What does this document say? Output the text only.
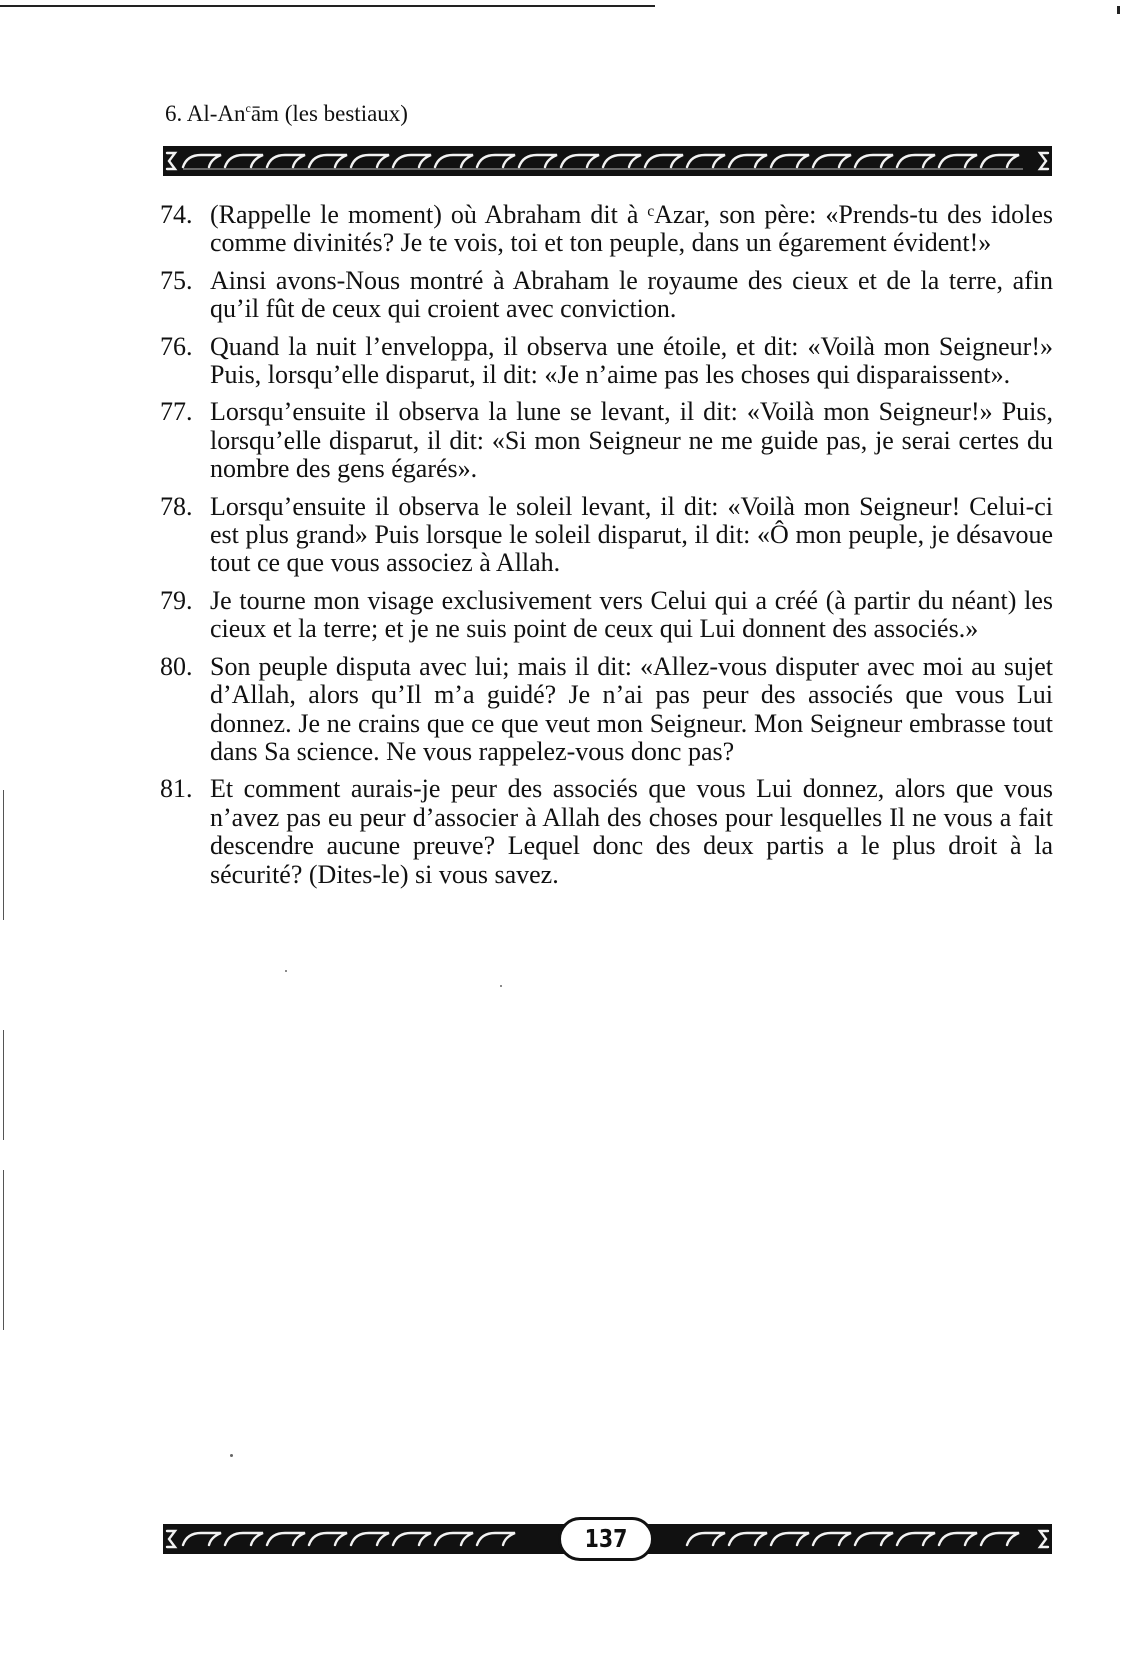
6. Al-An$^c$ām (les bestiaux)
74. (Rappelle le moment) où Abraham dit à ᶜAzar, son père: «Prends-tu des idoles comme divinités? Je te vois, toi et ton peuple, dans un égarement évident!»
75. Ainsi avons-Nous montré à Abraham le royaume des cieux et de la terre, afin qu’il fût de ceux qui croient avec conviction.
76. Quand la nuit l’enveloppa, il observa une étoile, et dit: «Voilà mon Seigneur!» Puis, lorsqu’elle disparut, il dit: «Je n’aime pas les choses qui disparaissent».
77. Lorsqu’ensuite il observa la lune se levant, il dit: «Voilà mon Seigneur!» Puis, lorsqu’elle disparut, il dit: «Si mon Seigneur ne me guide pas, je serai certes du nombre des gens égarés».
78. Lorsqu’ensuite il observa le soleil levant, il dit: «Voilà mon Seigneur! Celui-ci est plus grand» Puis lorsque le soleil disparut, il dit: «Ô mon peuple, je désavoue tout ce que vous associez à Allah.
79. Je tourne mon visage exclusivement vers Celui qui a créé (à partir du néant) les cieux et la terre; et je ne suis point de ceux qui Lui donnent des associés.»
80. Son peuple disputa avec lui; mais il dit: «Allez-vous disputer avec moi au sujet d’Allah, alors qu’Il m’a guidé? Je n’ai pas peur des associés que vous Lui donnez. Je ne crains que ce que veut mon Seigneur. Mon Seigneur embrasse tout dans Sa science. Ne vous rappelez-vous donc pas?
81. Et comment aurais-je peur des associés que vous Lui donnez, alors que vous n’avez pas eu peur d’associer à Allah des choses pour lesquelles Il ne vous a fait descendre aucune preuve? Lequel donc des deux partis a le plus droit à la sécurité? (Dites-le) si vous savez.
137
